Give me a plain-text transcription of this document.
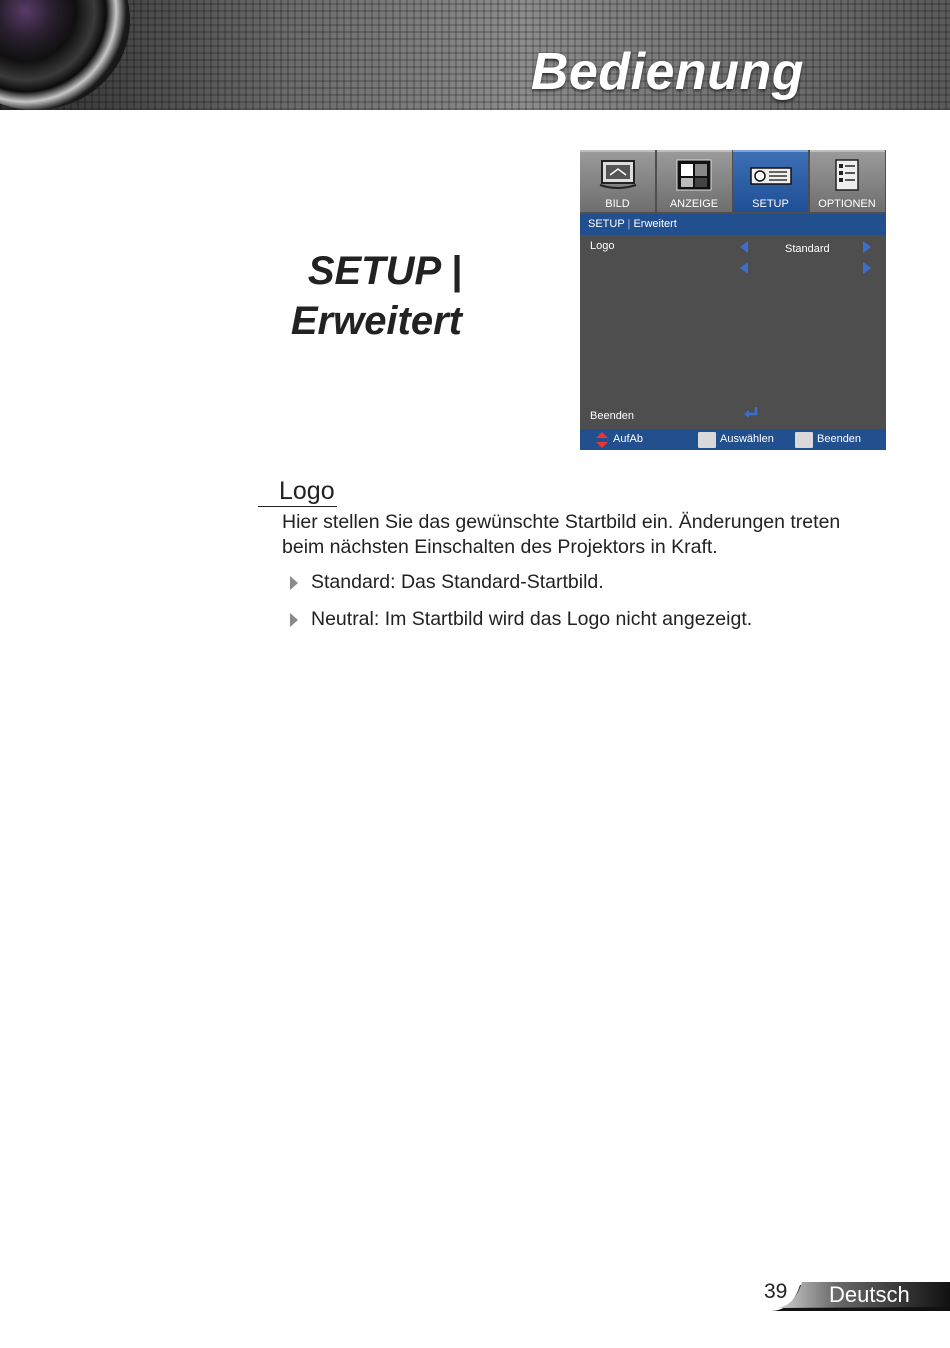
Bedienung
SETUP |
Erweitert
BILD	ANZEIGE	SETUP	OPTIONEN
SETUP | Erweitert
Logo	Standard
Beenden
AufAb	Auswählen	Beenden
Logo
Hier stellen Sie das gewünschte Startbild ein. Änderungen treten
beim nächsten Einschalten des Projektors in Kraft.
Standard: Das Standard-Startbild.
Neutral: Im Startbild wird das Logo nicht angezeigt.
39 Deutsch
